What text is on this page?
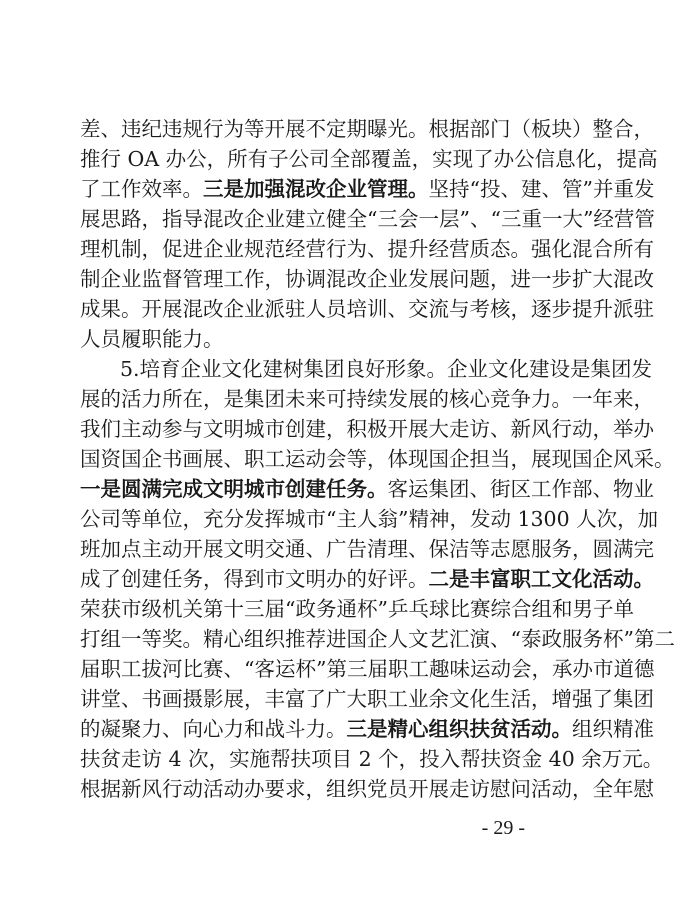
差、违纪违规行为等开展不定期曝光。根据部门（板块）整合，
推行 OA 办公，所有子公司全部覆盖，实现了办公信息化，提高
了工作效率。三是加强混改企业管理。坚持“投、建、管”并重发
展思路，指导混改企业建立健全“三会一层”、“三重一大”经营管
理机制，促进企业规范经营行为、提升经营质态。强化混合所有
制企业监督管理工作，协调混改企业发展问题，进一步扩大混改
成果。开展混改企业派驻人员培训、交流与考核，逐步提升派驻
人员履职能力。
5.培育企业文化建树集团良好形象。企业文化建设是集团发
展的活力所在，是集团未来可持续发展的核心竞争力。一年来，
我们主动参与文明城市创建，积极开展大走访、新风行动，举办
国资国企书画展、职工运动会等，体现国企担当，展现国企风采。
一是圆满完成文明城市创建任务。客运集团、街区工作部、物业
公司等单位，充分发挥城市“主人翁”精神，发动 1300 人次，加
班加点主动开展文明交通、广告清理、保洁等志愿服务，圆满完
成了创建任务，得到市文明办的好评。二是丰富职工文化活动。
荣获市级机关第十三届“政务通杯”乒乓球比赛综合组和男子单
打组一等奖。精心组织推荐进国企人文艺汇演、“泰政服务杯”第二
届职工拔河比赛、“客运杯”第三届职工趣味运动会，承办市道德
讲堂、书画摄影展，丰富了广大职工业余文化生活，增强了集团
的凝聚力、向心力和战斗力。三是精心组织扶贫活动。组织精准
扶贫走访 4 次，实施帮扶项目 2 个，投入帮扶资金 40 余万元。
根据新风行动活动办要求，组织党员开展走访慰问活动，全年慰
- 29 -
